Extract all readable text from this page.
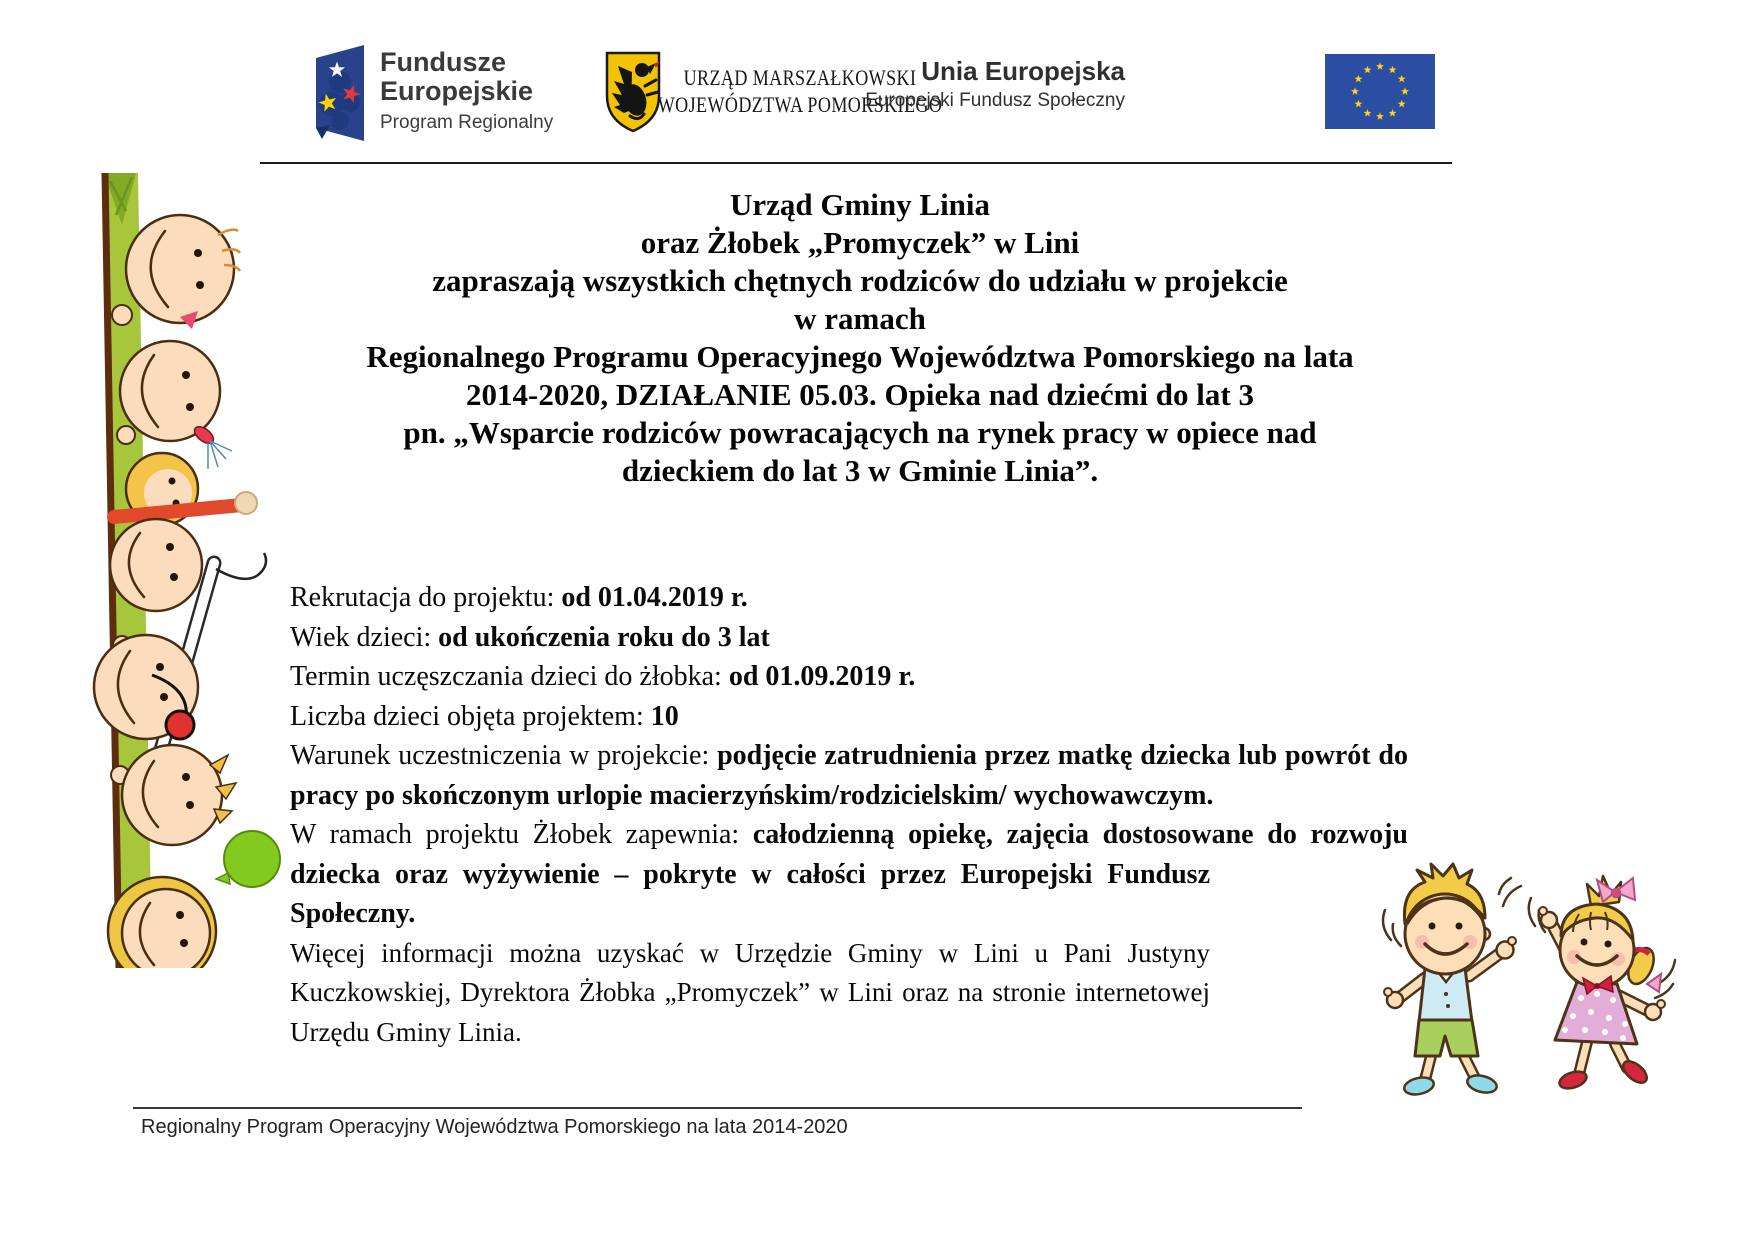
Fundusze
Europejskie
Program Regionalny
URZĄD MARSZAŁKOWSKI
WOJEWÓDZTWA POMORSKIEGO
Unia Europejska
Europejski Fundusz Społeczny
Urząd Gminy Linia
oraz Żłobek „Promyczek” w Lini
zapraszają wszystkich chętnych rodziców do udziału w projekcie
w ramach
Regionalnego Programu Operacyjnego Województwa Pomorskiego na lata
2014-2020, DZIAŁANIE 05.03. Opieka nad dziećmi do lat 3
pn. „Wsparcie rodziców powracających na rynek pracy w opiece nad
dzieckiem do lat 3 w Gminie Linia”.

Rekrutacja do projektu: od 01.04.2019 r.

Wiek dzieci: od ukończenia roku do 3 lat

Termin uczęszczania dzieci do żłobka: od 01.09.2019 r.

Liczba dzieci objęta projektem: 10

Warunek uczestniczenia w projekcie: podjęcie zatrudnienia przez matkę dziecka lub powrót do pracy po skończonym urlopie macierzyńskim/rodzicielskim/ wychowawczym.

W ramach projektu Żłobek zapewnia: całodzienną opiekę, zajęcia dostosowane do rozwoju

dziecka oraz wyżywienie – pokryte w całości przez Europejski Fundusz Społeczny.

Więcej informacji można uzyskać w Urzędzie Gminy w Lini u Pani Justyny Kuczkowskiej, Dyrektora Żłobka „Promyczek” w Lini oraz na stronie internetowej Urzędu Gminy Linia.

Regionalny Program Operacyjny Województwa Pomorskiego na lata 2014-2020
